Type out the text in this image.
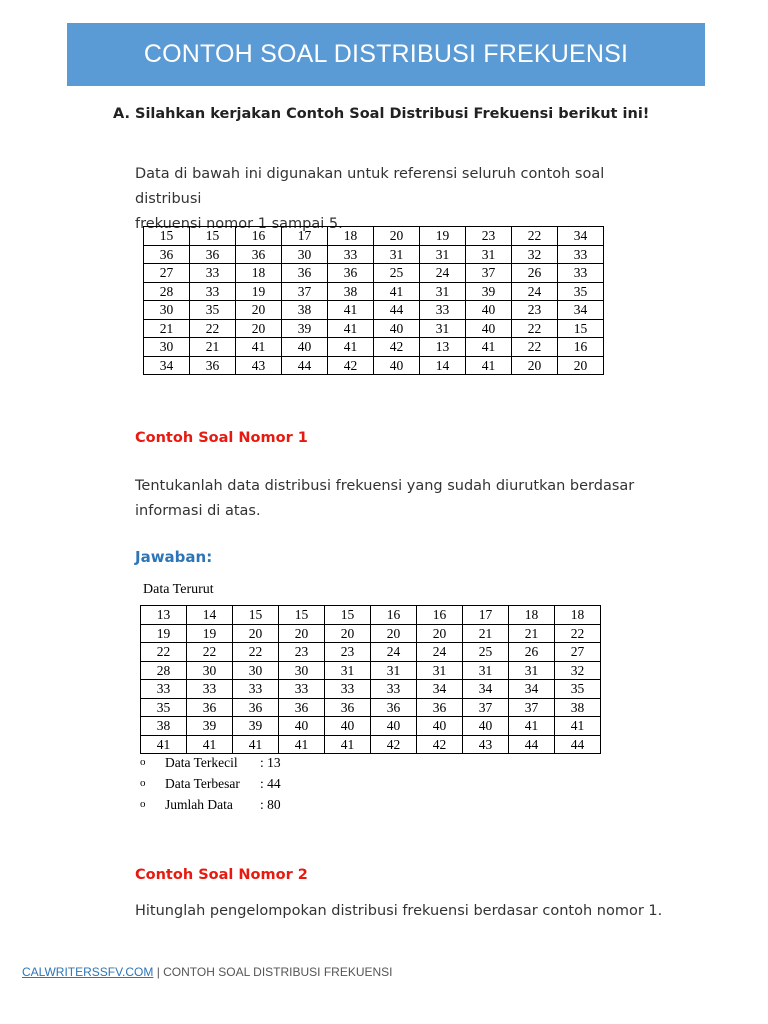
CONTOH SOAL DISTRIBUSI FREKUENSI
A. Silahkan kerjakan Contoh Soal Distribusi Frekuensi berikut ini!
Data di bawah ini digunakan untuk referensi seluruh contoh soal distribusi
frekuensi nomor 1 sampai 5.
15	15	16	17	18	20	19	23	22	34
36	36	36	30	33	31	31	31	32	33
27	33	18	36	36	25	24	37	26	33
28	33	19	37	38	41	31	39	24	35
30	35	20	38	41	44	33	40	23	34
21	22	20	39	41	40	31	40	22	15
30	21	41	40	41	42	13	41	22	16
34	36	43	44	42	40	14	41	20	20
Contoh Soal Nomor 1
Tentukanlah data distribusi frekuensi yang sudah diurutkan berdasar
informasi di atas.
Jawaban:
Data Terurut
13	14	15	15	15	16	16	17	18	18
19	19	20	20	20	20	20	21	21	22
22	22	22	23	23	24	24	25	26	27
28	30	30	30	31	31	31	31	31	32
33	33	33	33	33	33	34	34	34	35
35	36	36	36	36	36	36	37	37	38
38	39	39	40	40	40	40	40	41	41
41	41	41	41	41	42	42	43	44	44
o	Data Terkecil	: 13
o	Data Terbesar	: 44
o	Jumlah Data	: 80
Contoh Soal Nomor 2
Hitunglah pengelompokan distribusi frekuensi berdasar contoh nomor 1.
CALWRITERSSFV.COM | CONTOH SOAL DISTRIBUSI FREKUENSI
